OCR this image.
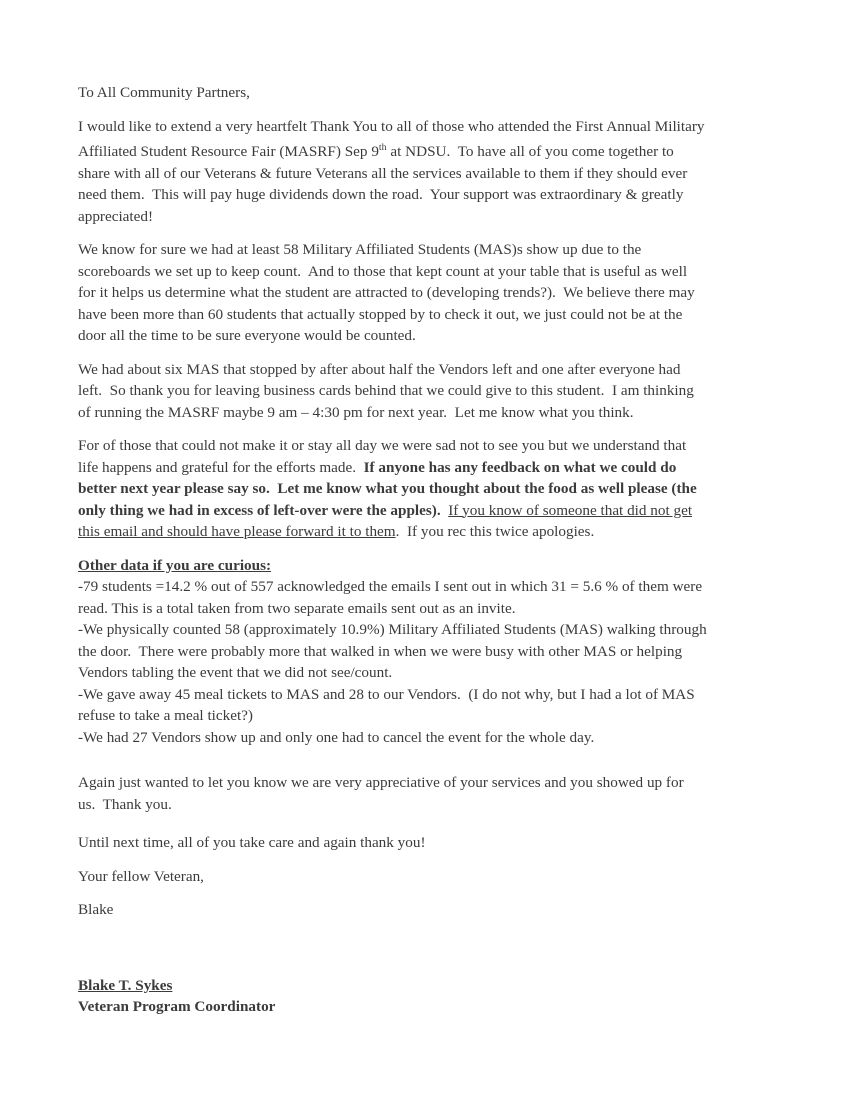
To All Community Partners,
I would like to extend a very heartfelt Thank You to all of those who attended the First Annual Military
Affiliated Student Resource Fair (MASRF) Sep 9th at NDSU.  To have all of you come together to
share with all of our Veterans & future Veterans all the services available to them if they should ever
need them.  This will pay huge dividends down the road.  Your support was extraordinary & greatly
appreciated!
We know for sure we had at least 58 Military Affiliated Students (MAS)s show up due to the
scoreboards we set up to keep count.  And to those that kept count at your table that is useful as well
for it helps us determine what the student are attracted to (developing trends?).  We believe there may
have been more than 60 students that actually stopped by to check it out, we just could not be at the
door all the time to be sure everyone would be counted.
We had about six MAS that stopped by after about half the Vendors left and one after everyone had
left.  So thank you for leaving business cards behind that we could give to this student.  I am thinking
of running the MASRF maybe 9 am – 4:30 pm for next year.  Let me know what you think.
For of those that could not make it or stay all day we were sad not to see you but we understand that
life happens and grateful for the efforts made.  If anyone has any feedback on what we could do
better next year please say so.  Let me know what you thought about the food as well please (the
only thing we had in excess of left-over were the apples). If you know of someone that did not get
this email and should have please forward it to them.  If you rec this twice apologies.
Other data if you are curious:
-79 students =14.2 % out of 557 acknowledged the emails I sent out in which 31 = 5.6 % of them were
read. This is a total taken from two separate emails sent out as an invite.
-We physically counted 58 (approximately 10.9%) Military Affiliated Students (MAS) walking through
the door.  There were probably more that walked in when we were busy with other MAS or helping
Vendors tabling the event that we did not see/count.
-We gave away 45 meal tickets to MAS and 28 to our Vendors.  (I do not why, but I had a lot of MAS
refuse to take a meal ticket?)
-We had 27 Vendors show up and only one had to cancel the event for the whole day.
Again just wanted to let you know we are very appreciative of your services and you showed up for
us.  Thank you.
Until next time, all of you take care and again thank you!
Your fellow Veteran,
Blake
Blake T. Sykes
Veteran Program Coordinator
